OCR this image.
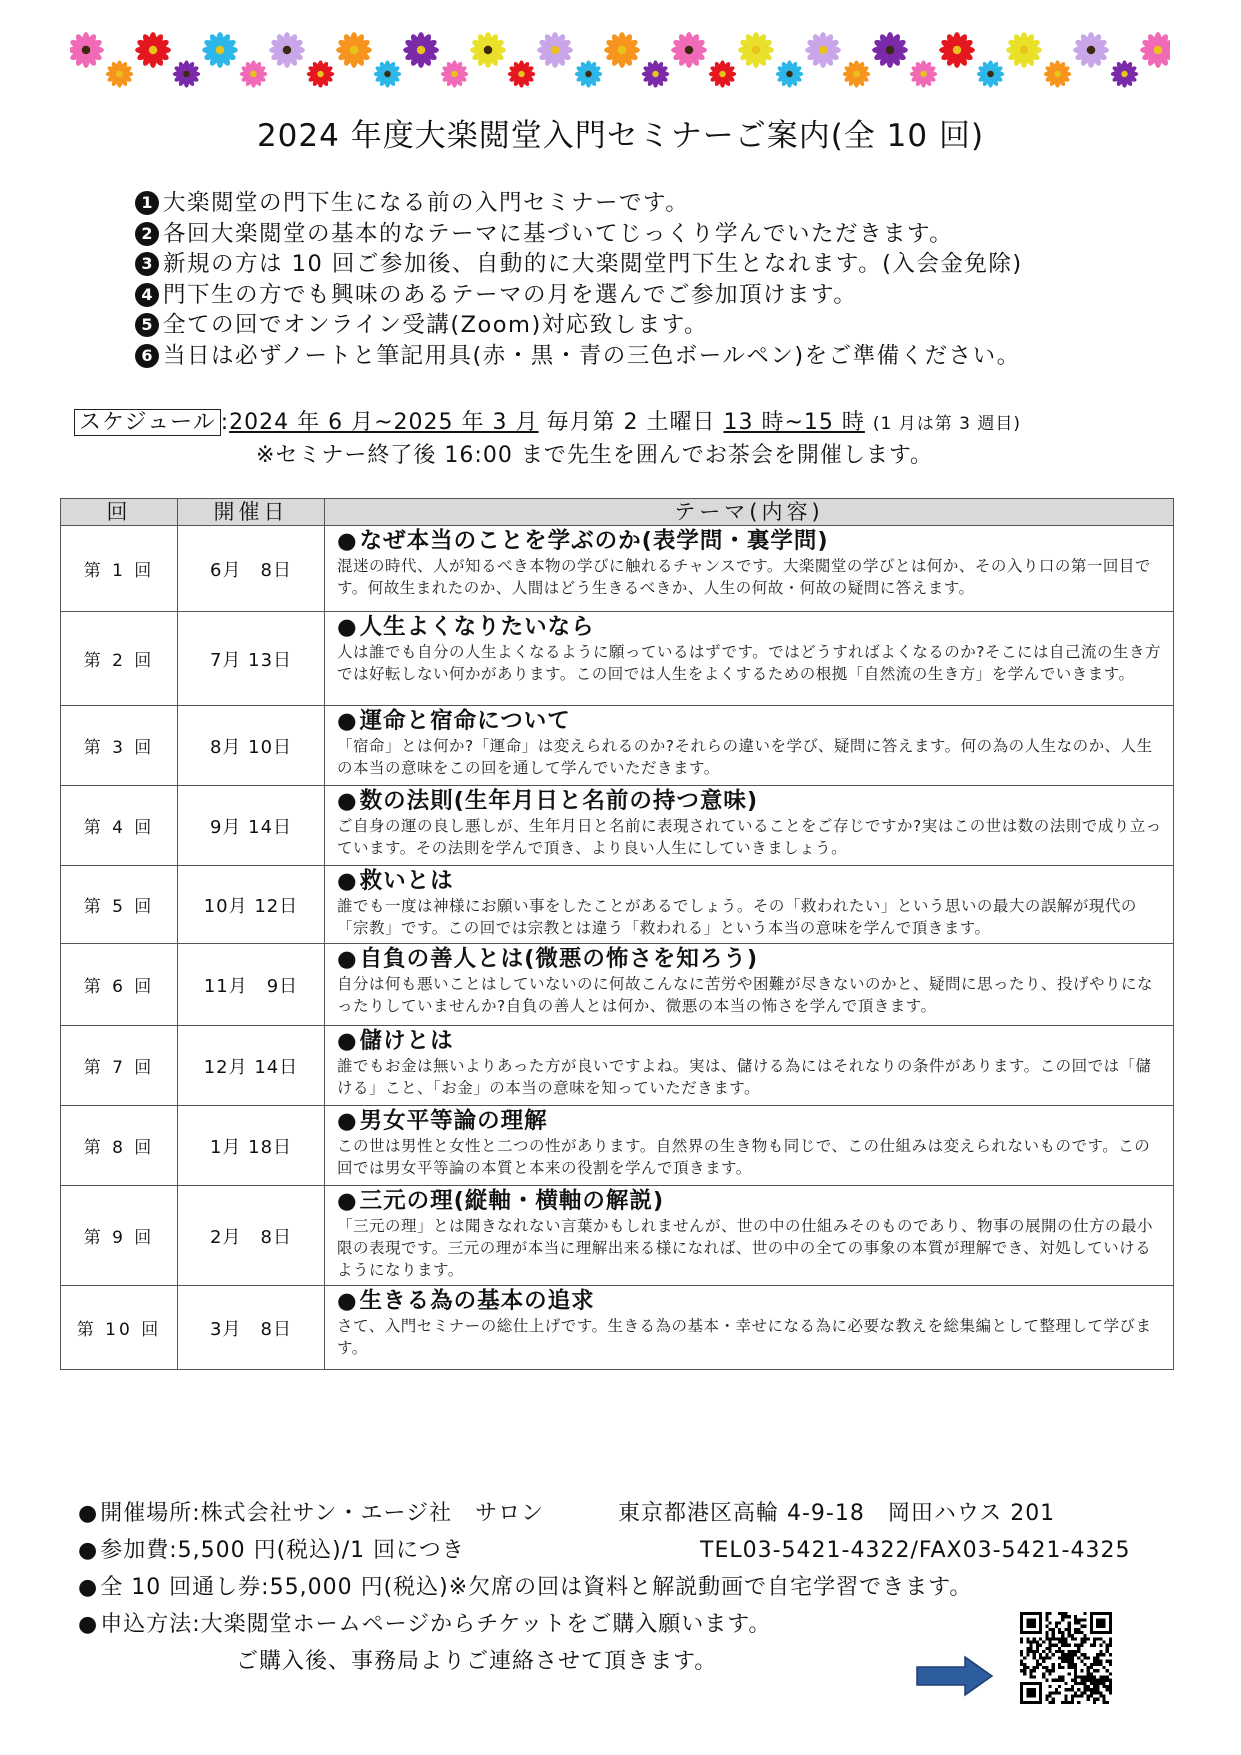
2024 年度大楽閲堂入門セミナーご案内(全 10 回)
1 大楽閲堂の門下生になる前の入門セミナーです。
2 各回大楽閲堂の基本的なテーマに基づいてじっくり学んでいただきます。
3 新規の方は 10 回ご参加後、自動的に大楽閲堂門下生となれます。(入会金免除)
4 門下生の方でも興味のあるテーマの月を選んでご参加頂けます。
5 全ての回でオンライン受講(Zoom)対応致します。
6 当日は必ずノートと筆記用具(赤・黒・青の三色ボールペン)をご準備ください。
スケジュール :2024 年 6 月~2025 年 3 月 毎月第 2 土曜日 13 時~15 時 (1 月は第 3 週目)
※セミナー終了後 16:00 まで先生を囲んでお茶会を開催します。
回	開催日	テーマ(内容)
第 1 回	6月　8日	● なぜ本当のことを学ぶのか(表学問・裏学問)
混迷の時代、人が知るべき本物の学びに触れるチャンスです。大楽閲堂の学びとは何か、その入り口の第一回目です。何故生まれたのか、人間はどう生きるべきか、人生の何故・何故の疑問に答えます。

第 2 回	7月 13日	● 人生よくなりたいなら
人は誰でも自分の人生よくなるように願っているはずです。ではどうすればよくなるのか?そこには自己流の生き方では好転しない何かがあります。この回では人生をよくするための根拠「自然流の生き方」を学んでいきます。

第 3 回	8月 10日	● 運命と宿命について
「宿命」とは何か?「運命」は変えられるのか?それらの違いを学び、疑問に答えます。何の為の人生なのか、人生の本当の意味をこの回を通して学んでいただきます。

第 4 回	9月 14日	● 数の法則(生年月日と名前の持つ意味)
ご自身の運の良し悪しが、生年月日と名前に表現されていることをご存じですか?実はこの世は数の法則で成り立っています。その法則を学んで頂き、より良い人生にしていきましょう。

第 5 回	10月 12日	● 救いとは
誰でも一度は神様にお願い事をしたことがあるでしょう。その「救われたい」という思いの最大の誤解が現代の「宗教」です。この回では宗教とは違う「救われる」という本当の意味を学んで頂きます。

第 6 回	11月　9日	● 自負の善人とは(微悪の怖さを知ろう)
自分は何も悪いことはしていないのに何故こんなに苦労や困難が尽きないのかと、疑問に思ったり、投げやりになったりしていませんか?自負の善人とは何か、微悪の本当の怖さを学んで頂きます。

第 7 回	12月 14日	● 儲けとは
誰でもお金は無いよりあった方が良いですよね。実は、儲ける為にはそれなりの条件があります。この回では「儲ける」こと、「お金」の本当の意味を知っていただきます。

第 8 回	1月 18日	● 男女平等論の理解
この世は男性と女性と二つの性があります。自然界の生き物も同じで、この仕組みは変えられないものです。この回では男女平等論の本質と本来の役割を学んで頂きます。

第 9 回	2月　8日	● 三元の理(縦軸・横軸の解説)
「三元の理」とは聞きなれない言葉かもしれませんが、世の中の仕組みそのものであり、物事の展開の仕方の最小限の表現です。三元の理が本当に理解出来る様になれば、世の中の全ての事象の本質が理解でき、対処していけるようになります。

第 10 回	3月　8日	● 生きる為の基本の追求
さて、入門セミナーの総仕上げです。生きる為の基本・幸せになる為に必要な教えを総集編として整理して学びます。
● 開催場所:株式会社サン・エージ社　サロン	東京都港区高輪 4-9-18　岡田ハウス 201
● 参加費:5,500 円(税込)/1 回につき	TEL03-5421-4322/FAX03-5421-4325
● 全 10 回通し券:55,000 円(税込)※欠席の回は資料と解説動画で自宅学習できます。
● 申込方法:大楽閲堂ホームページからチケットをご購入願います。
ご購入後、事務局よりご連絡させて頂きます。
